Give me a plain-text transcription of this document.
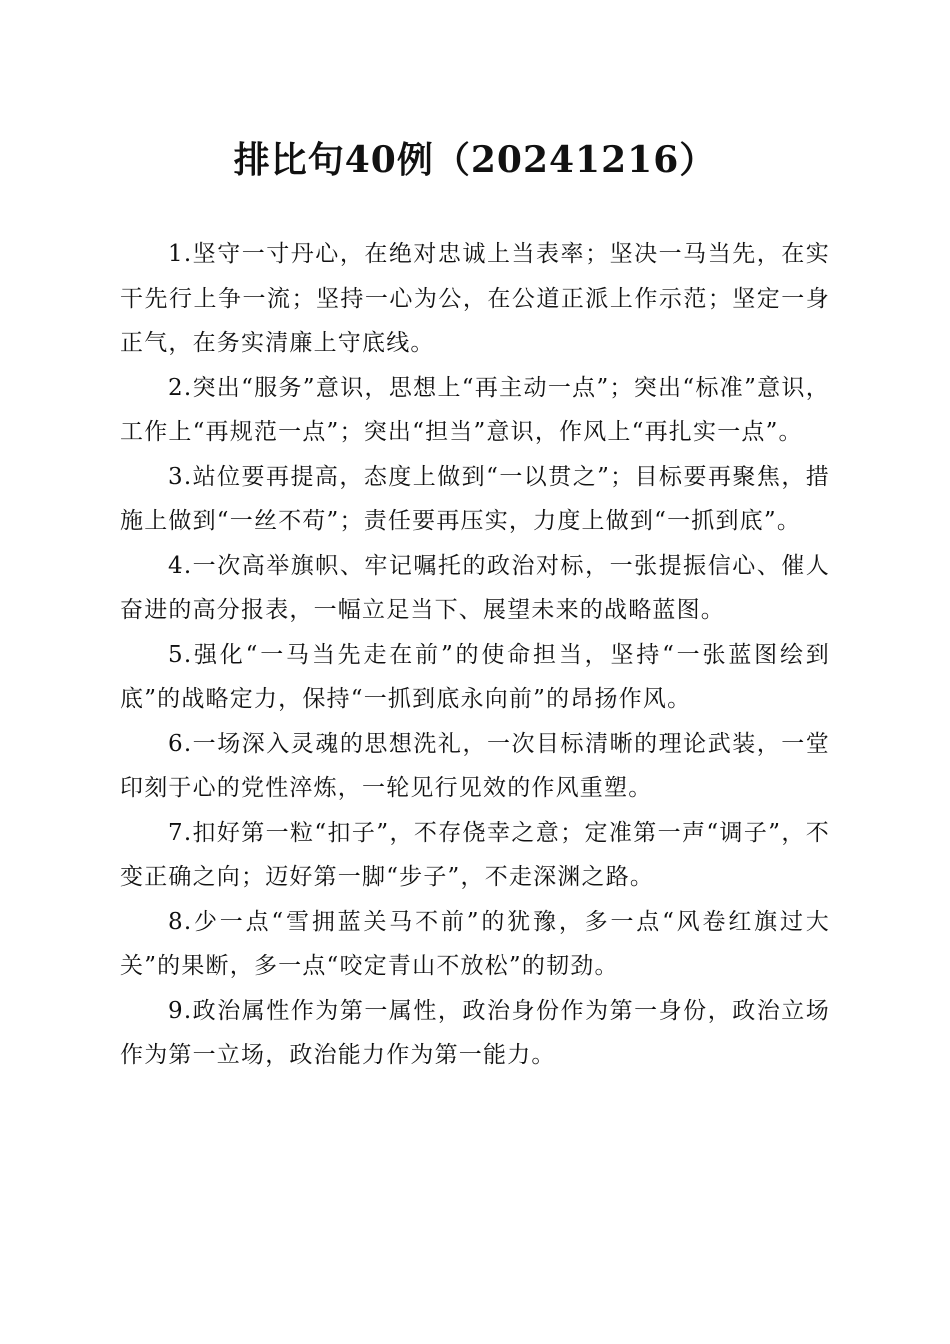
排比句40例（20241216）

1.坚守一寸丹心，在绝对忠诚上当表率；坚决一马当先，在实干先行上争一流；坚持一心为公，在公道正派上作示范；坚定一身正气，在务实清廉上守底线。

2.突出“服务”意识，思想上“再主动一点”；突出“标准”意识，工作上“再规范一点”；突出“担当”意识，作风上“再扎实一点”。

3.站位要再提高，态度上做到“一以贯之”；目标要再聚焦，措施上做到“一丝不苟”；责任要再压实，力度上做到“一抓到底”。

4.一次高举旗帜、牢记嘱托的政治对标，一张提振信心、催人奋进的高分报表，一幅立足当下、展望未来的战略蓝图。

5.强化“一马当先走在前”的使命担当，坚持“一张蓝图绘到底”的战略定力，保持“一抓到底永向前”的昂扬作风。

6.一场深入灵魂的思想洗礼，一次目标清晰的理论武装，一堂印刻于心的党性淬炼，一轮见行见效的作风重塑。

7.扣好第一粒“扣子”，不存侥幸之意；定准第一声“调子”，不变正确之向；迈好第一脚“步子”，不走深渊之路。

8.少一点“雪拥蓝关马不前”的犹豫，多一点“风卷红旗过大关”的果断，多一点“咬定青山不放松”的韧劲。

9.政治属性作为第一属性，政治身份作为第一身份，政治立场作为第一立场，政治能力作为第一能力。
